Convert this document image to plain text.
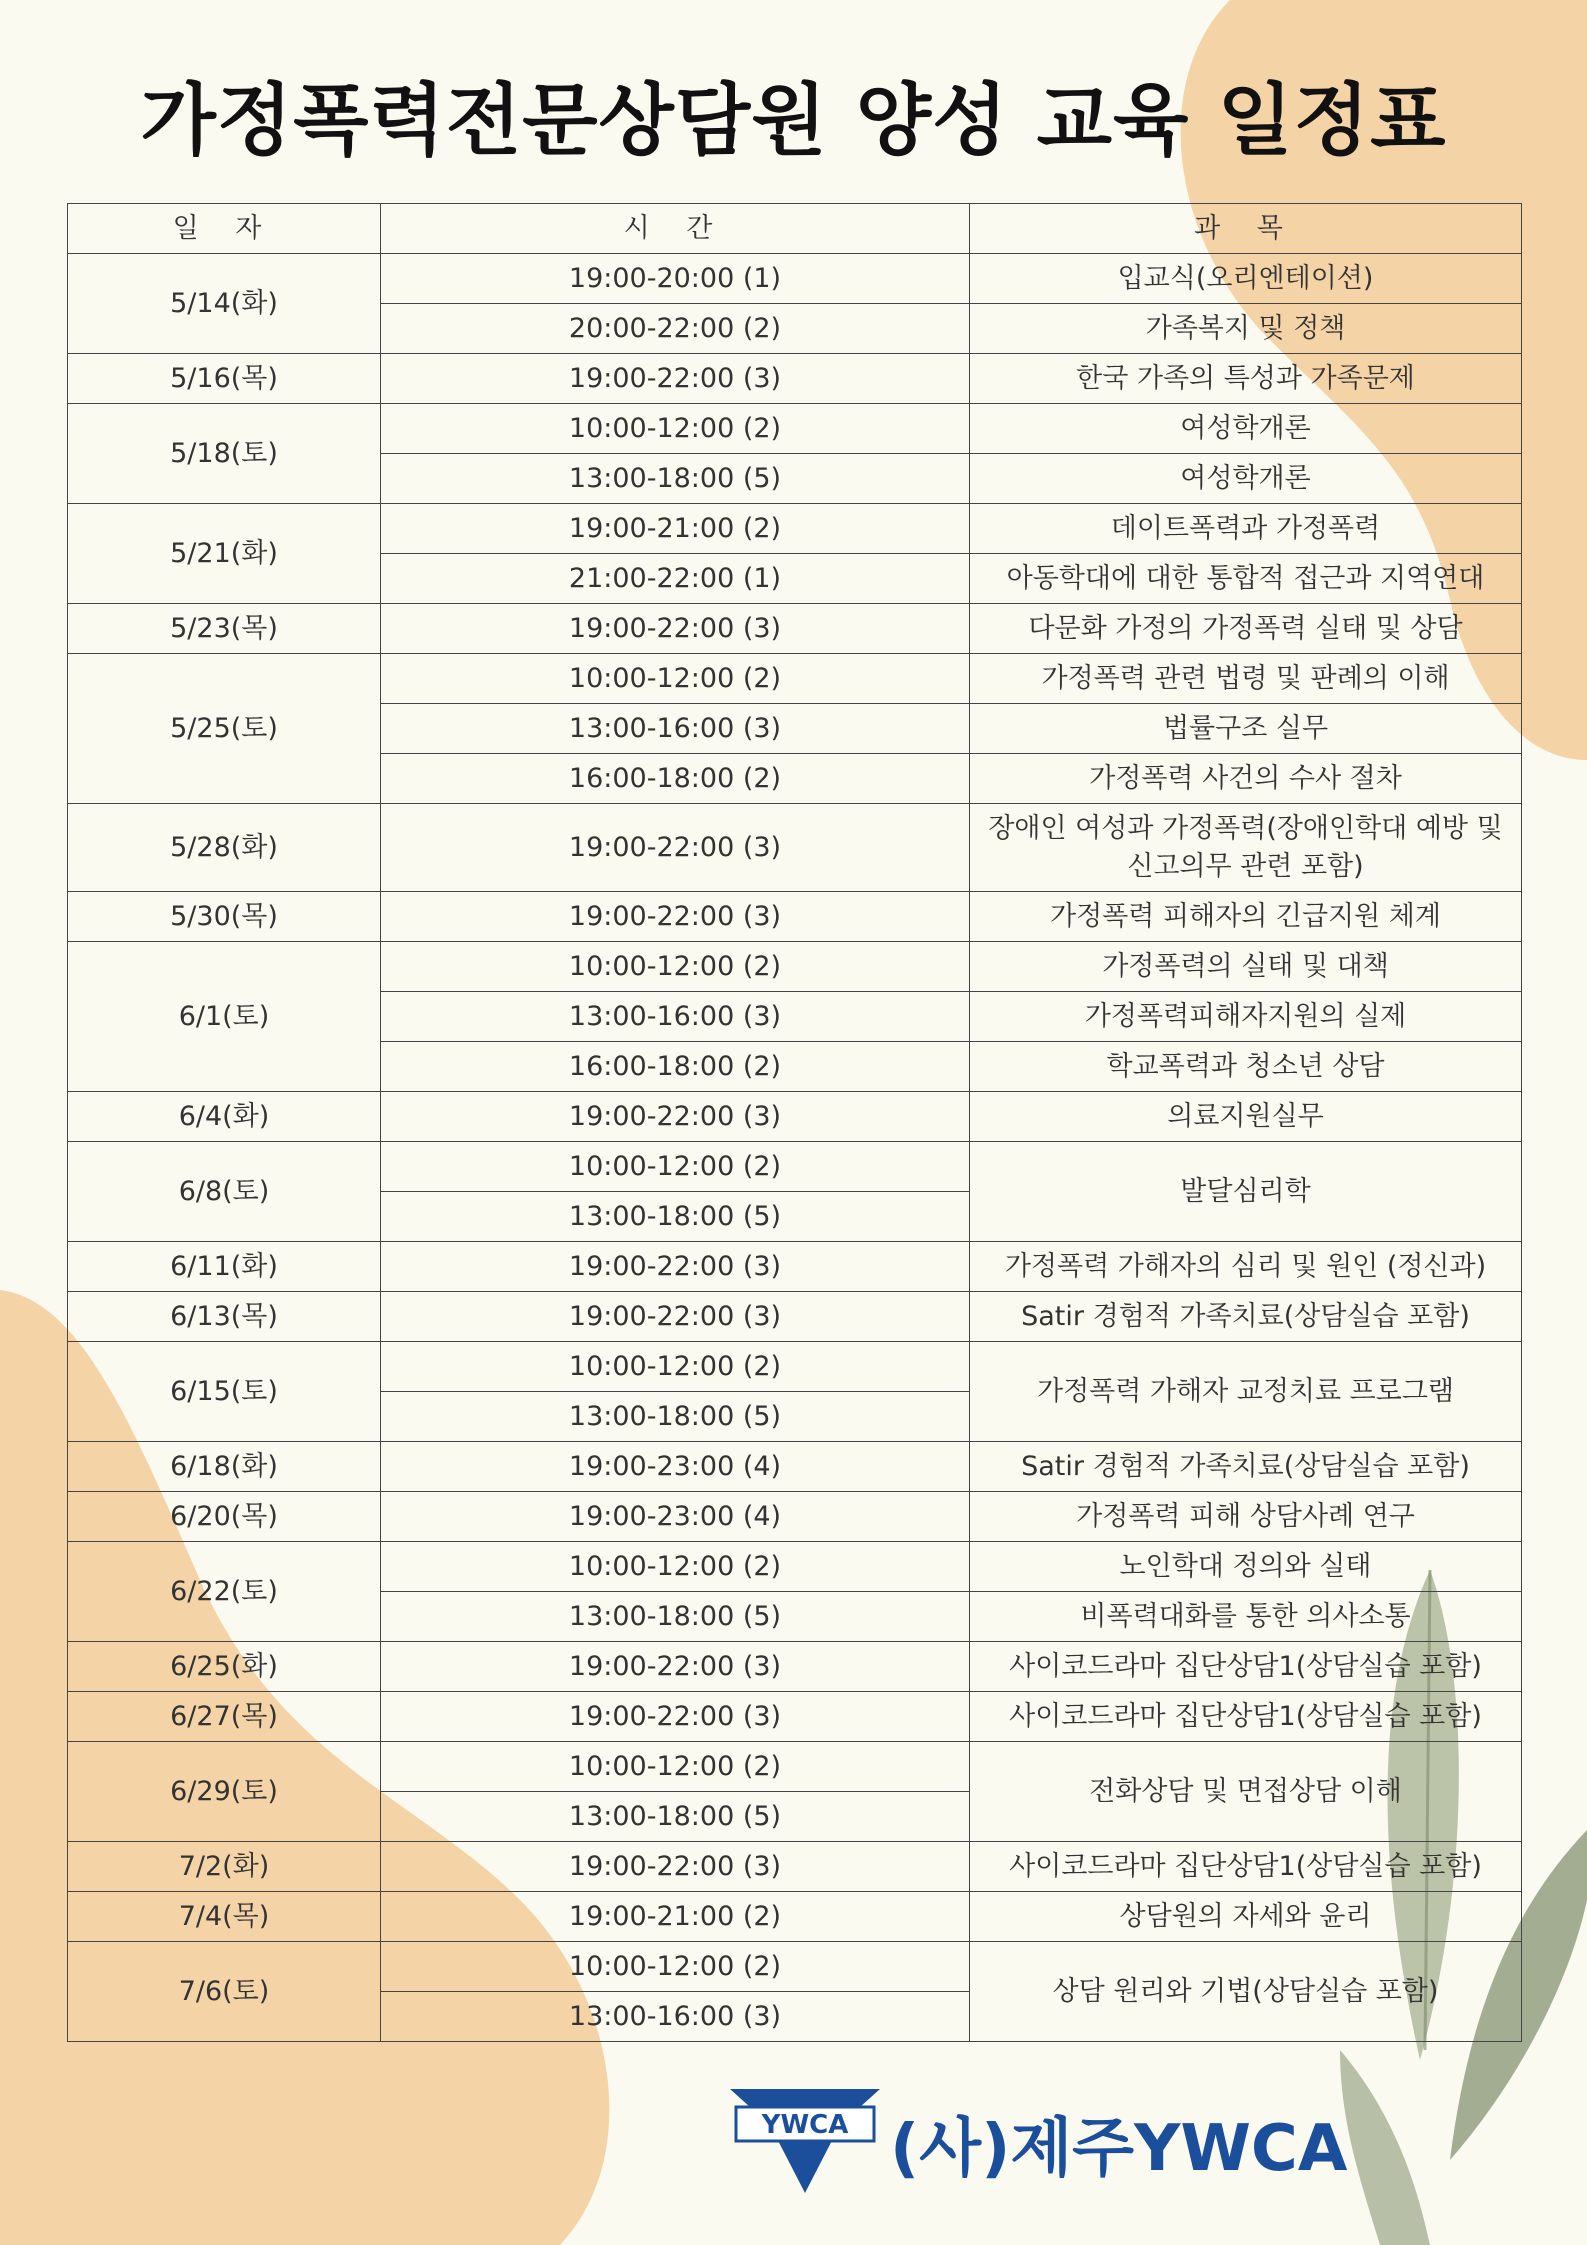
가정폭력전문상담원 양성 교육 일정표
일 자	시 간	과 목
5/14(화)	19:00-20:00 (1)	입교식(오리엔테이션)
	20:00-22:00 (2)	가족복지 및 정책
5/16(목)	19:00-22:00 (3)	한국 가족의 특성과 가족문제
5/18(토)	10:00-12:00 (2)	여성학개론
	13:00-18:00 (5)	여성학개론
5/21(화)	19:00-21:00 (2)	데이트폭력과 가정폭력
	21:00-22:00 (1)	아동학대에 대한 통합적 접근과 지역연대
5/23(목)	19:00-22:00 (3)	다문화 가정의 가정폭력 실태 및 상담
5/25(토)	10:00-12:00 (2)	가정폭력 관련 법령 및 판례의 이해
	13:00-16:00 (3)	법률구조 실무
	16:00-18:00 (2)	가정폭력 사건의 수사 절차
5/28(화)	19:00-22:00 (3)	장애인 여성과 가정폭력(장애인학대 예방 및 신고의무 관련 포함)
5/30(목)	19:00-22:00 (3)	가정폭력 피해자의 긴급지원 체계
6/1(토)	10:00-12:00 (2)	가정폭력의 실태 및 대책
	13:00-16:00 (3)	가정폭력피해자지원의 실제
	16:00-18:00 (2)	학교폭력과 청소년 상담
6/4(화)	19:00-22:00 (3)	의료지원실무
6/8(토)	10:00-12:00 (2)	발달심리학
	13:00-18:00 (5)	
6/11(화)	19:00-22:00 (3)	가정폭력 가해자의 심리 및 원인 (정신과)
6/13(목)	19:00-22:00 (3)	Satir 경험적 가족치료(상담실습 포함)
6/15(토)	10:00-12:00 (2)	가정폭력 가해자 교정치료 프로그램
	13:00-18:00 (5)	
6/18(화)	19:00-23:00 (4)	Satir 경험적 가족치료(상담실습 포함)
6/20(목)	19:00-23:00 (4)	가정폭력 피해 상담사례 연구
6/22(토)	10:00-12:00 (2)	노인학대 정의와 실태
	13:00-18:00 (5)	비폭력대화를 통한 의사소통
6/25(화)	19:00-22:00 (3)	사이코드라마 집단상담1(상담실습 포함)
6/27(목)	19:00-22:00 (3)	사이코드라마 집단상담1(상담실습 포함)
6/29(토)	10:00-12:00 (2)	전화상담 및 면접상담 이해
	13:00-18:00 (5)	
7/2(화)	19:00-22:00 (3)	사이코드라마 집단상담1(상담실습 포함)
7/4(목)	19:00-21:00 (2)	상담원의 자세와 윤리
7/6(토)	10:00-12:00 (2)	상담 원리와 기법(상담실습 포함)
	13:00-16:00 (3)	
YWCA (사)제주YWCA
